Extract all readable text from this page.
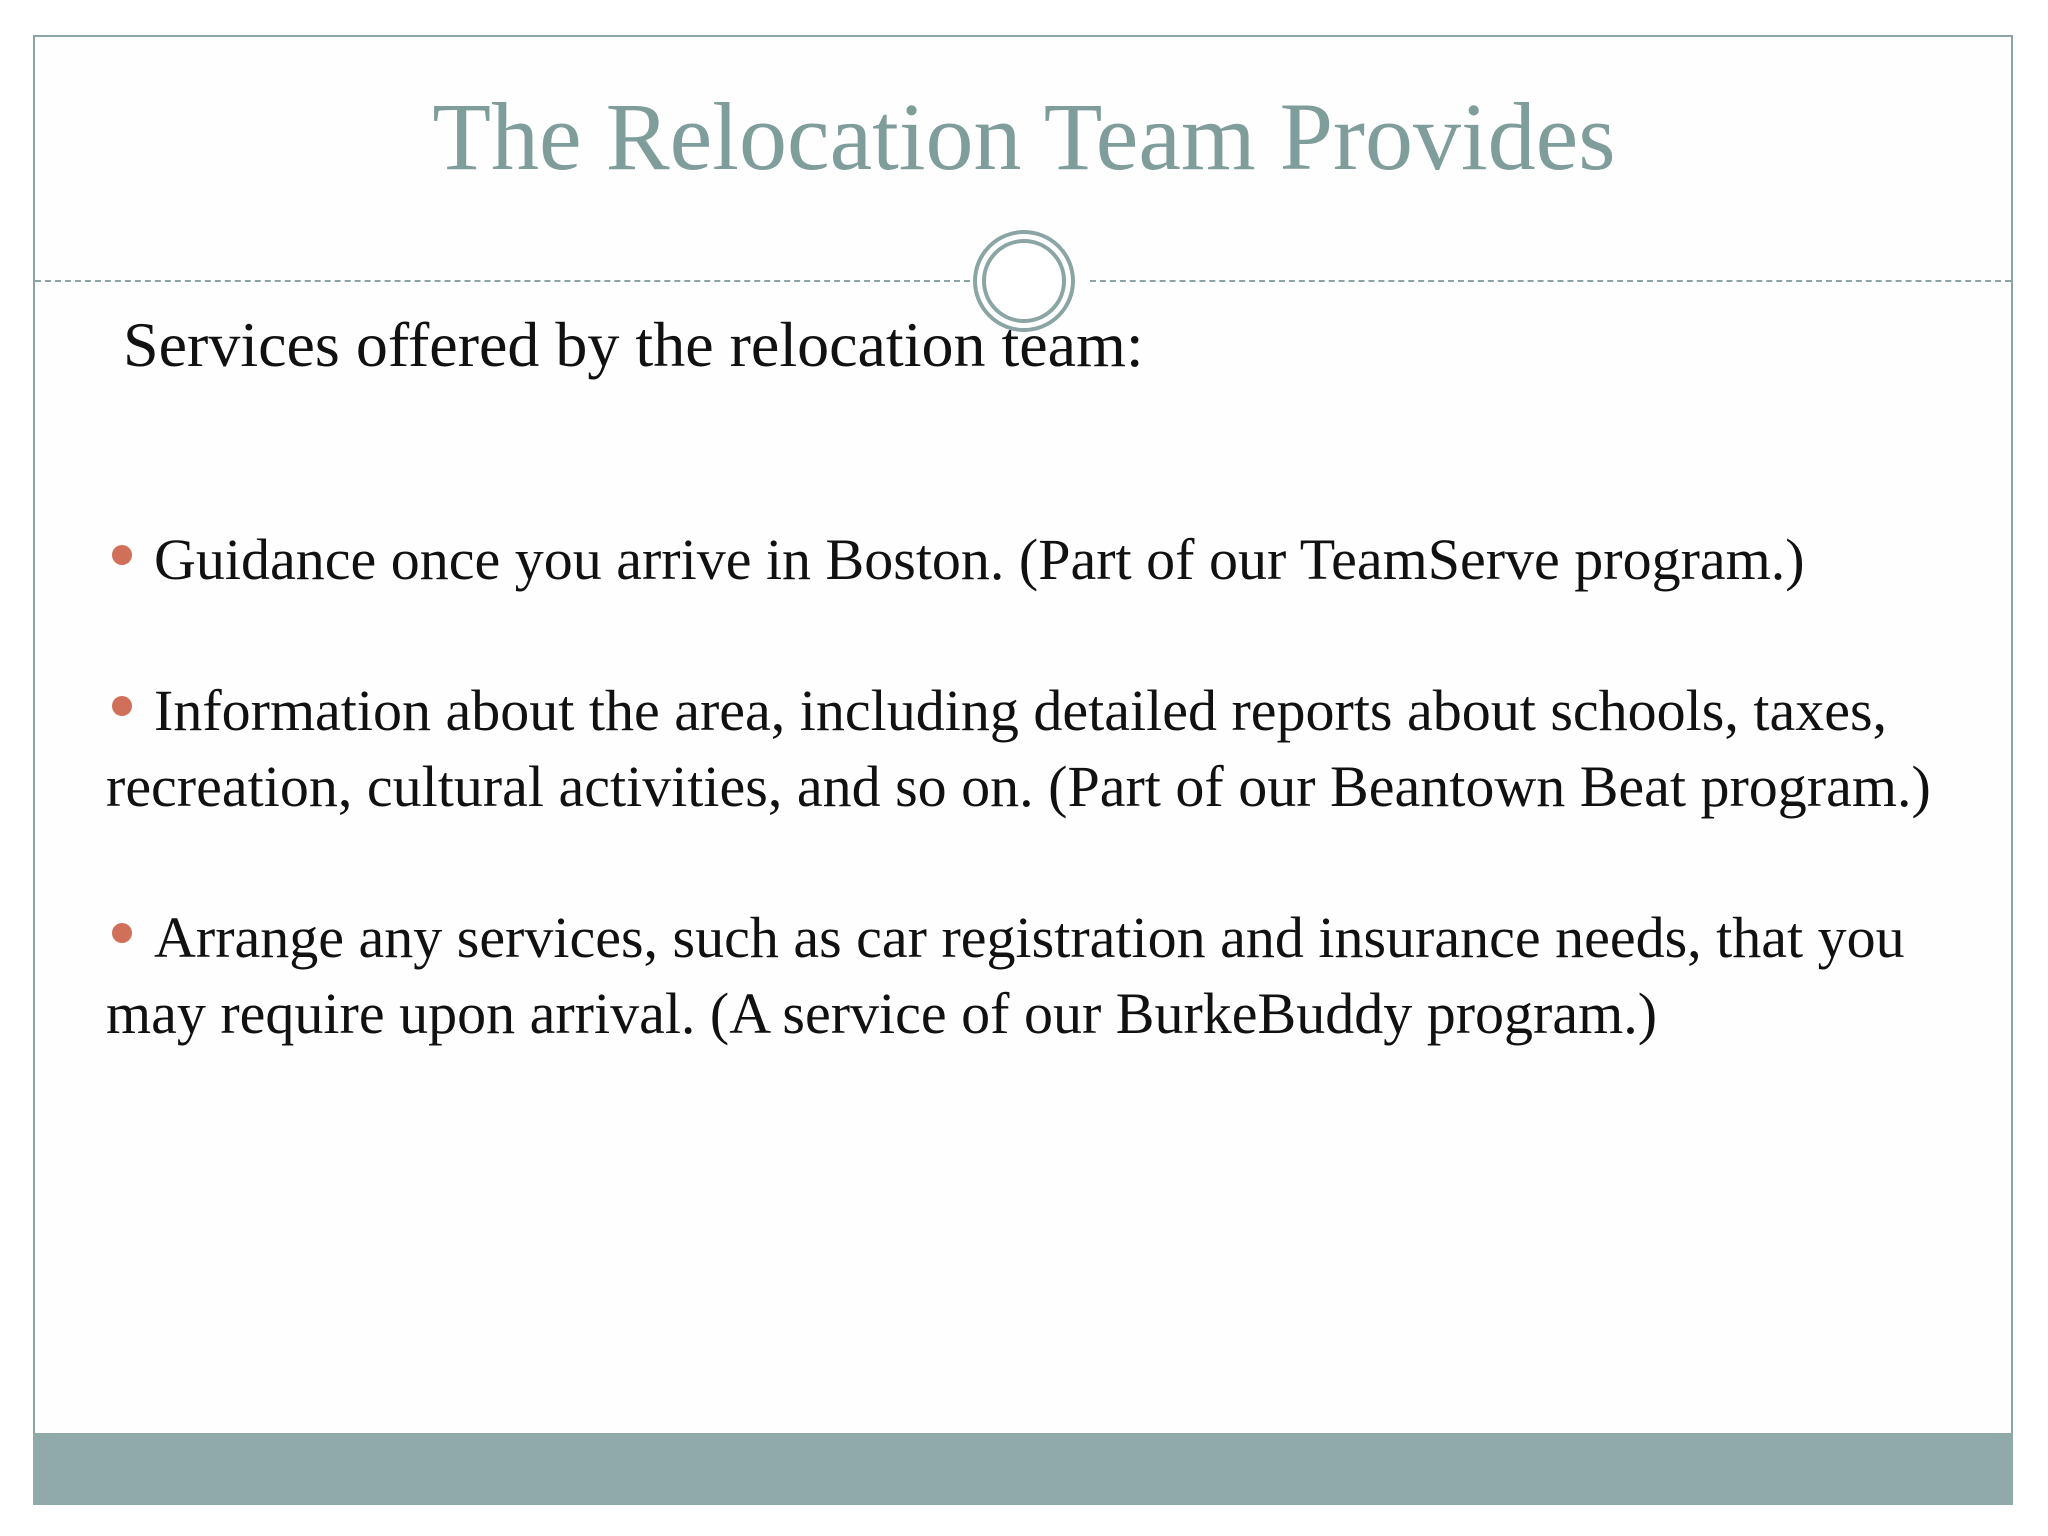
The Relocation Team Provides
Services offered by the relocation team:
Guidance once you arrive in Boston. (Part of our TeamServe program.)
Information about the area, including detailed reports about schools, taxes, recreation, cultural activities, and so on. (Part of our Beantown Beat program.)
Arrange any services, such as car registration and insurance needs, that you may require upon arrival. (A service of our BurkeBuddy program.)
